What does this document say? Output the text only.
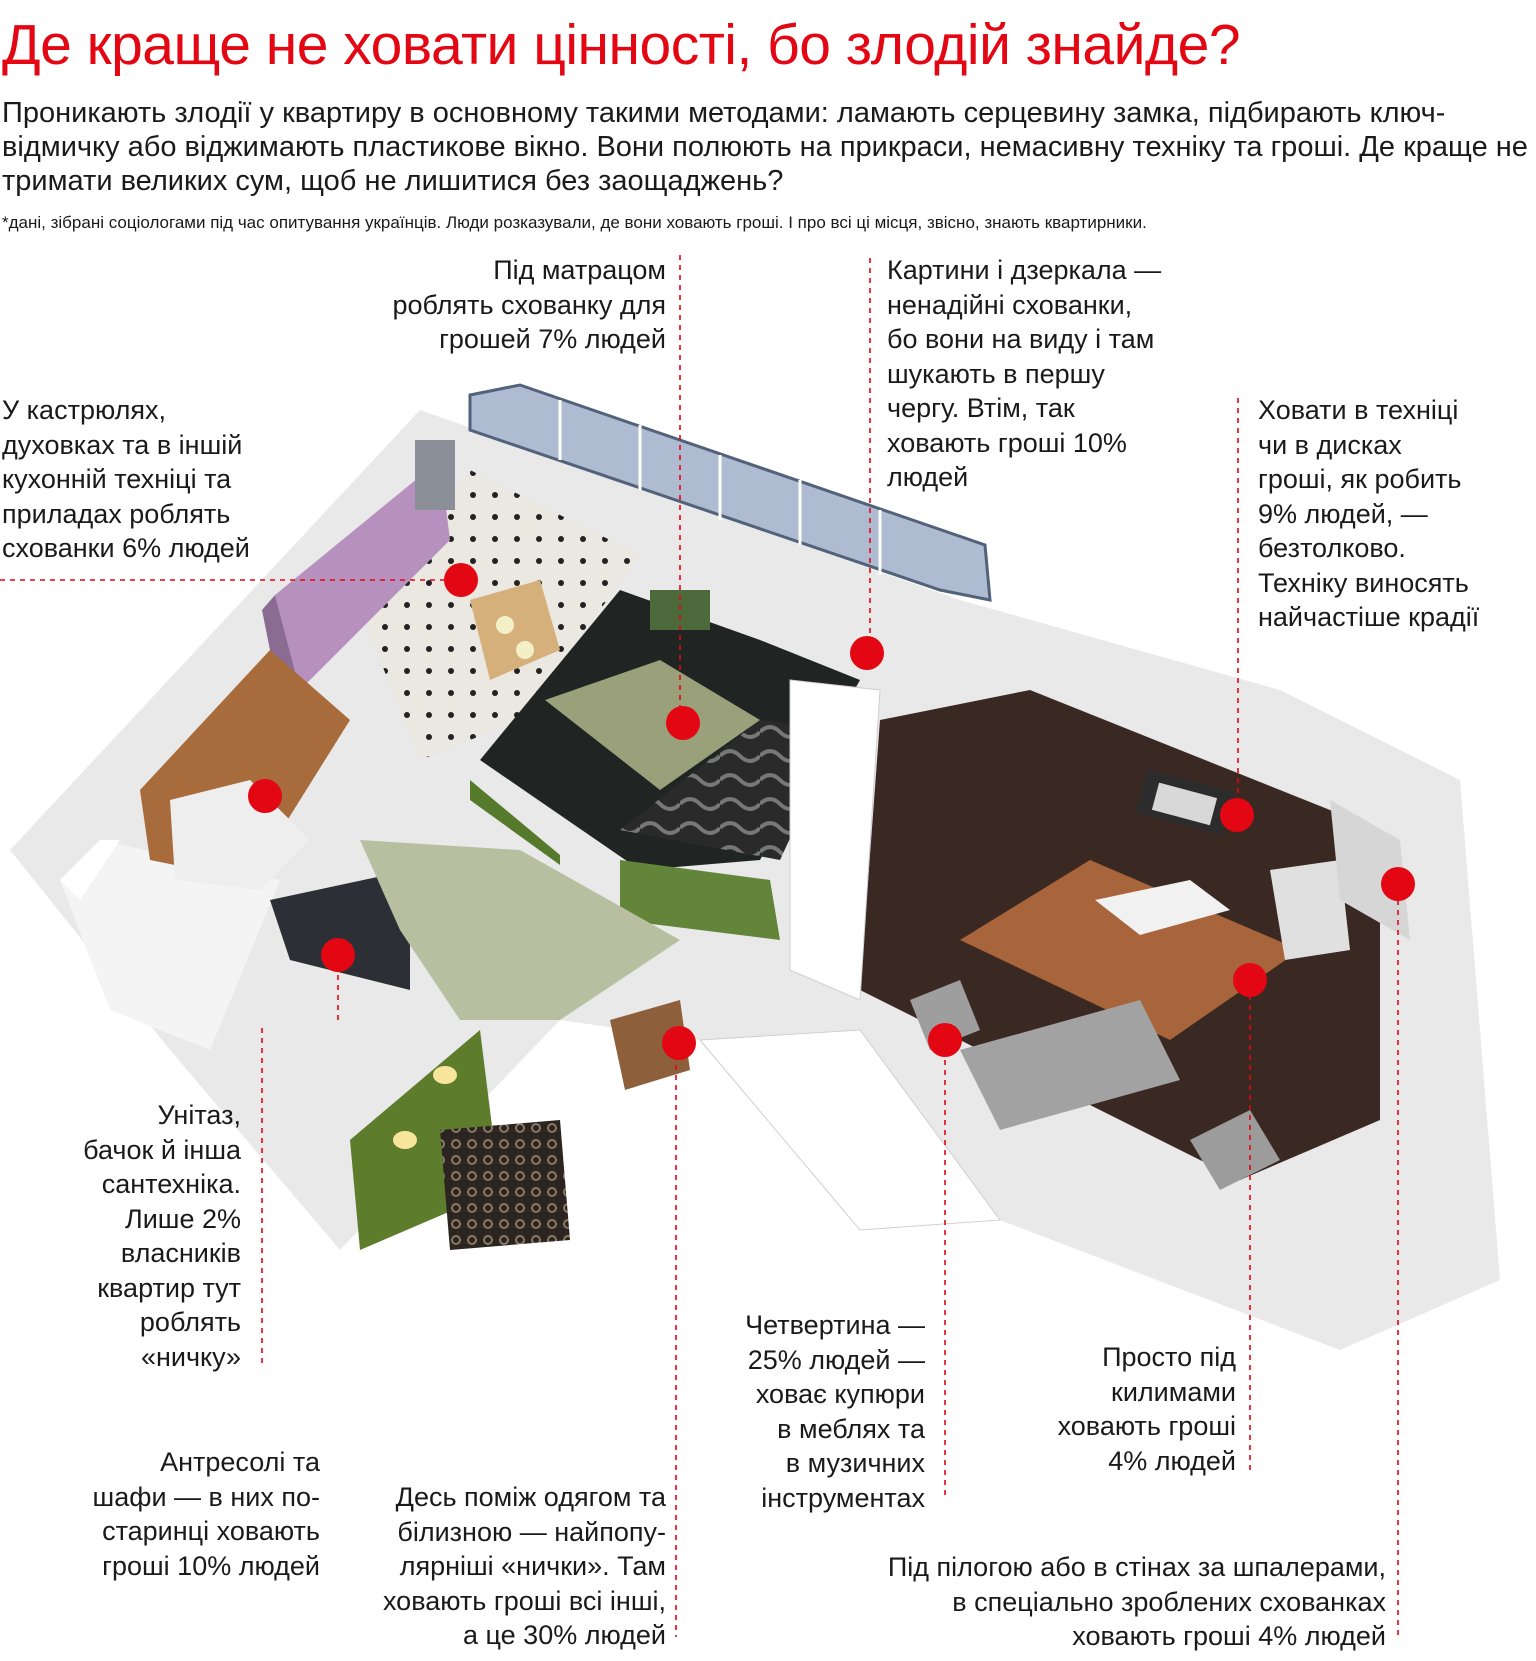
Де краще не ховати цінності, бо злодій знайде?
Проникають злодії у квартиру в основному такими методами: ламають серцевину замка, підбирають ключ-відмичку або віджимають пластикове вікно. Вони полюють на прикраси, немасивну техніку та гроші. Де краще не тримати великих сум, щоб не лишитися без заощаджень?
*дані, зібрані соціологами під час опитування українців. Люди розказували, де вони ховають гроші. І про всі ці місця, звісно, знають квартирники.
Під матрацом
роблять схованку для
грошей 7% людей
Картини і дзеркала —
ненадійні схованки,
бо вони на виду і там
шукають в першу
чергу. Втім, так
ховають гроші 10%
людей
У кастрюлях,
духовках та в іншій
кухонній техніці та
приладах роблять
схованки 6% людей
Ховати в техніці
чи в дисках
гроші, як робить
9% людей, —
безтолково.
Техніку виносять
найчастіше крадії
Унітаз,
бачок й інша
сантехніка.
Лише 2%
власників
квартир тут
роблять
«ничку»
Четвертина —
25% людей —
ховає купюри
в меблях та
в музичних
інструментах
Просто під
килимами
ховають гроші
4% людей
Антресолі та
шафи — в них по-
старинці ховають
гроші 10% людей
Десь поміж одягом та
білизною — найпопу-
лярніші «нички». Там
ховають гроші всі інші,
а це 30% людей
Під пілогою або в стінах за шпалерами,
в спеціально зроблених схованках
ховають гроші 4% людей
